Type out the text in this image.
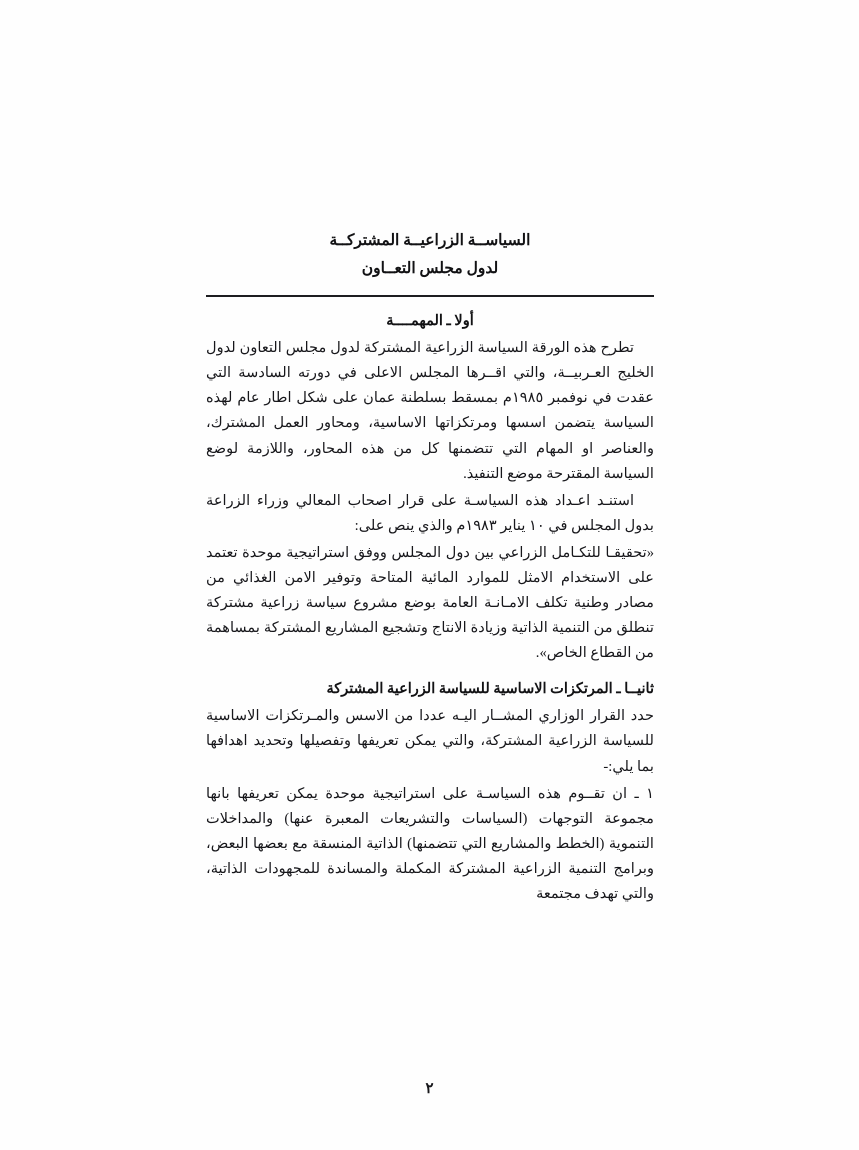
السياســة الزراعيــة المشتركــة
لدول مجلس التعــاون
أولا ـ المهمــــة

تطرح هذه الورقة السياسة الزراعية المشتركة لدول مجلس التعاون لدول الخليج العـربيــة، والتي اقــرها المجلس الاعلى في دورته السادسة التي عقدت في نوفمبر ١٩٨٥م بمسقط بسلطنة عمان على شكل اطار عام لهذه السياسة يتضمن اسسها ومرتكزاتها الاساسية، ومحاور العمل المشترك، والعناصر او المهام التي تتضمنها كل من هذه المحاور، واللازمة لوضع السياسة المقترحة موضع التنفيذ.

استنـد اعـداد هذه السياسـة على قرار اصحاب المعالي وزراء الزراعة بدول المجلس في ١٠ يناير ١٩٨٣م والذي ينص على:

«تحقيقـا للتكـامل الزراعي بين دول المجلس ووفق استراتيجية موحدة تعتمد على الاستخدام الامثل للموارد المائية المتاحة وتوفير الامن الغذائي من مصادر وطنية تكلف الامـانـة العامة بوضع مشروع سياسة زراعية مشتركة تنطلق من التنمية الذاتية وزيادة الانتاج وتشجيع المشاريع المشتركة بمساهمة من القطاع الخاص».

ثانيــا ـ المرتكزات الاساسية للسياسة الزراعية المشتركة

حدد القرار الوزاري المشــار اليـه عددا من الاسس والمـرتكزات الاساسية للسياسة الزراعية المشتركة، والتي يمكن تعريفها وتفصيلها وتحديد اهدافها بما يلي:-

١ ـ ان تقــوم هذه السياسـة على استراتيجية موحدة يمكن تعريفها بانها مجموعة التوجهات (السياسات والتشريعات المعبرة عنها) والمداخلات التنموية (الخطط والمشاريع التي تتضمنها) الذاتية المنسقة مع بعضها البعض، وبرامج التنمية الزراعية المشتركة المكملة والمساندة للمجهودات الذاتية، والتي تهدف مجتمعة
٢
